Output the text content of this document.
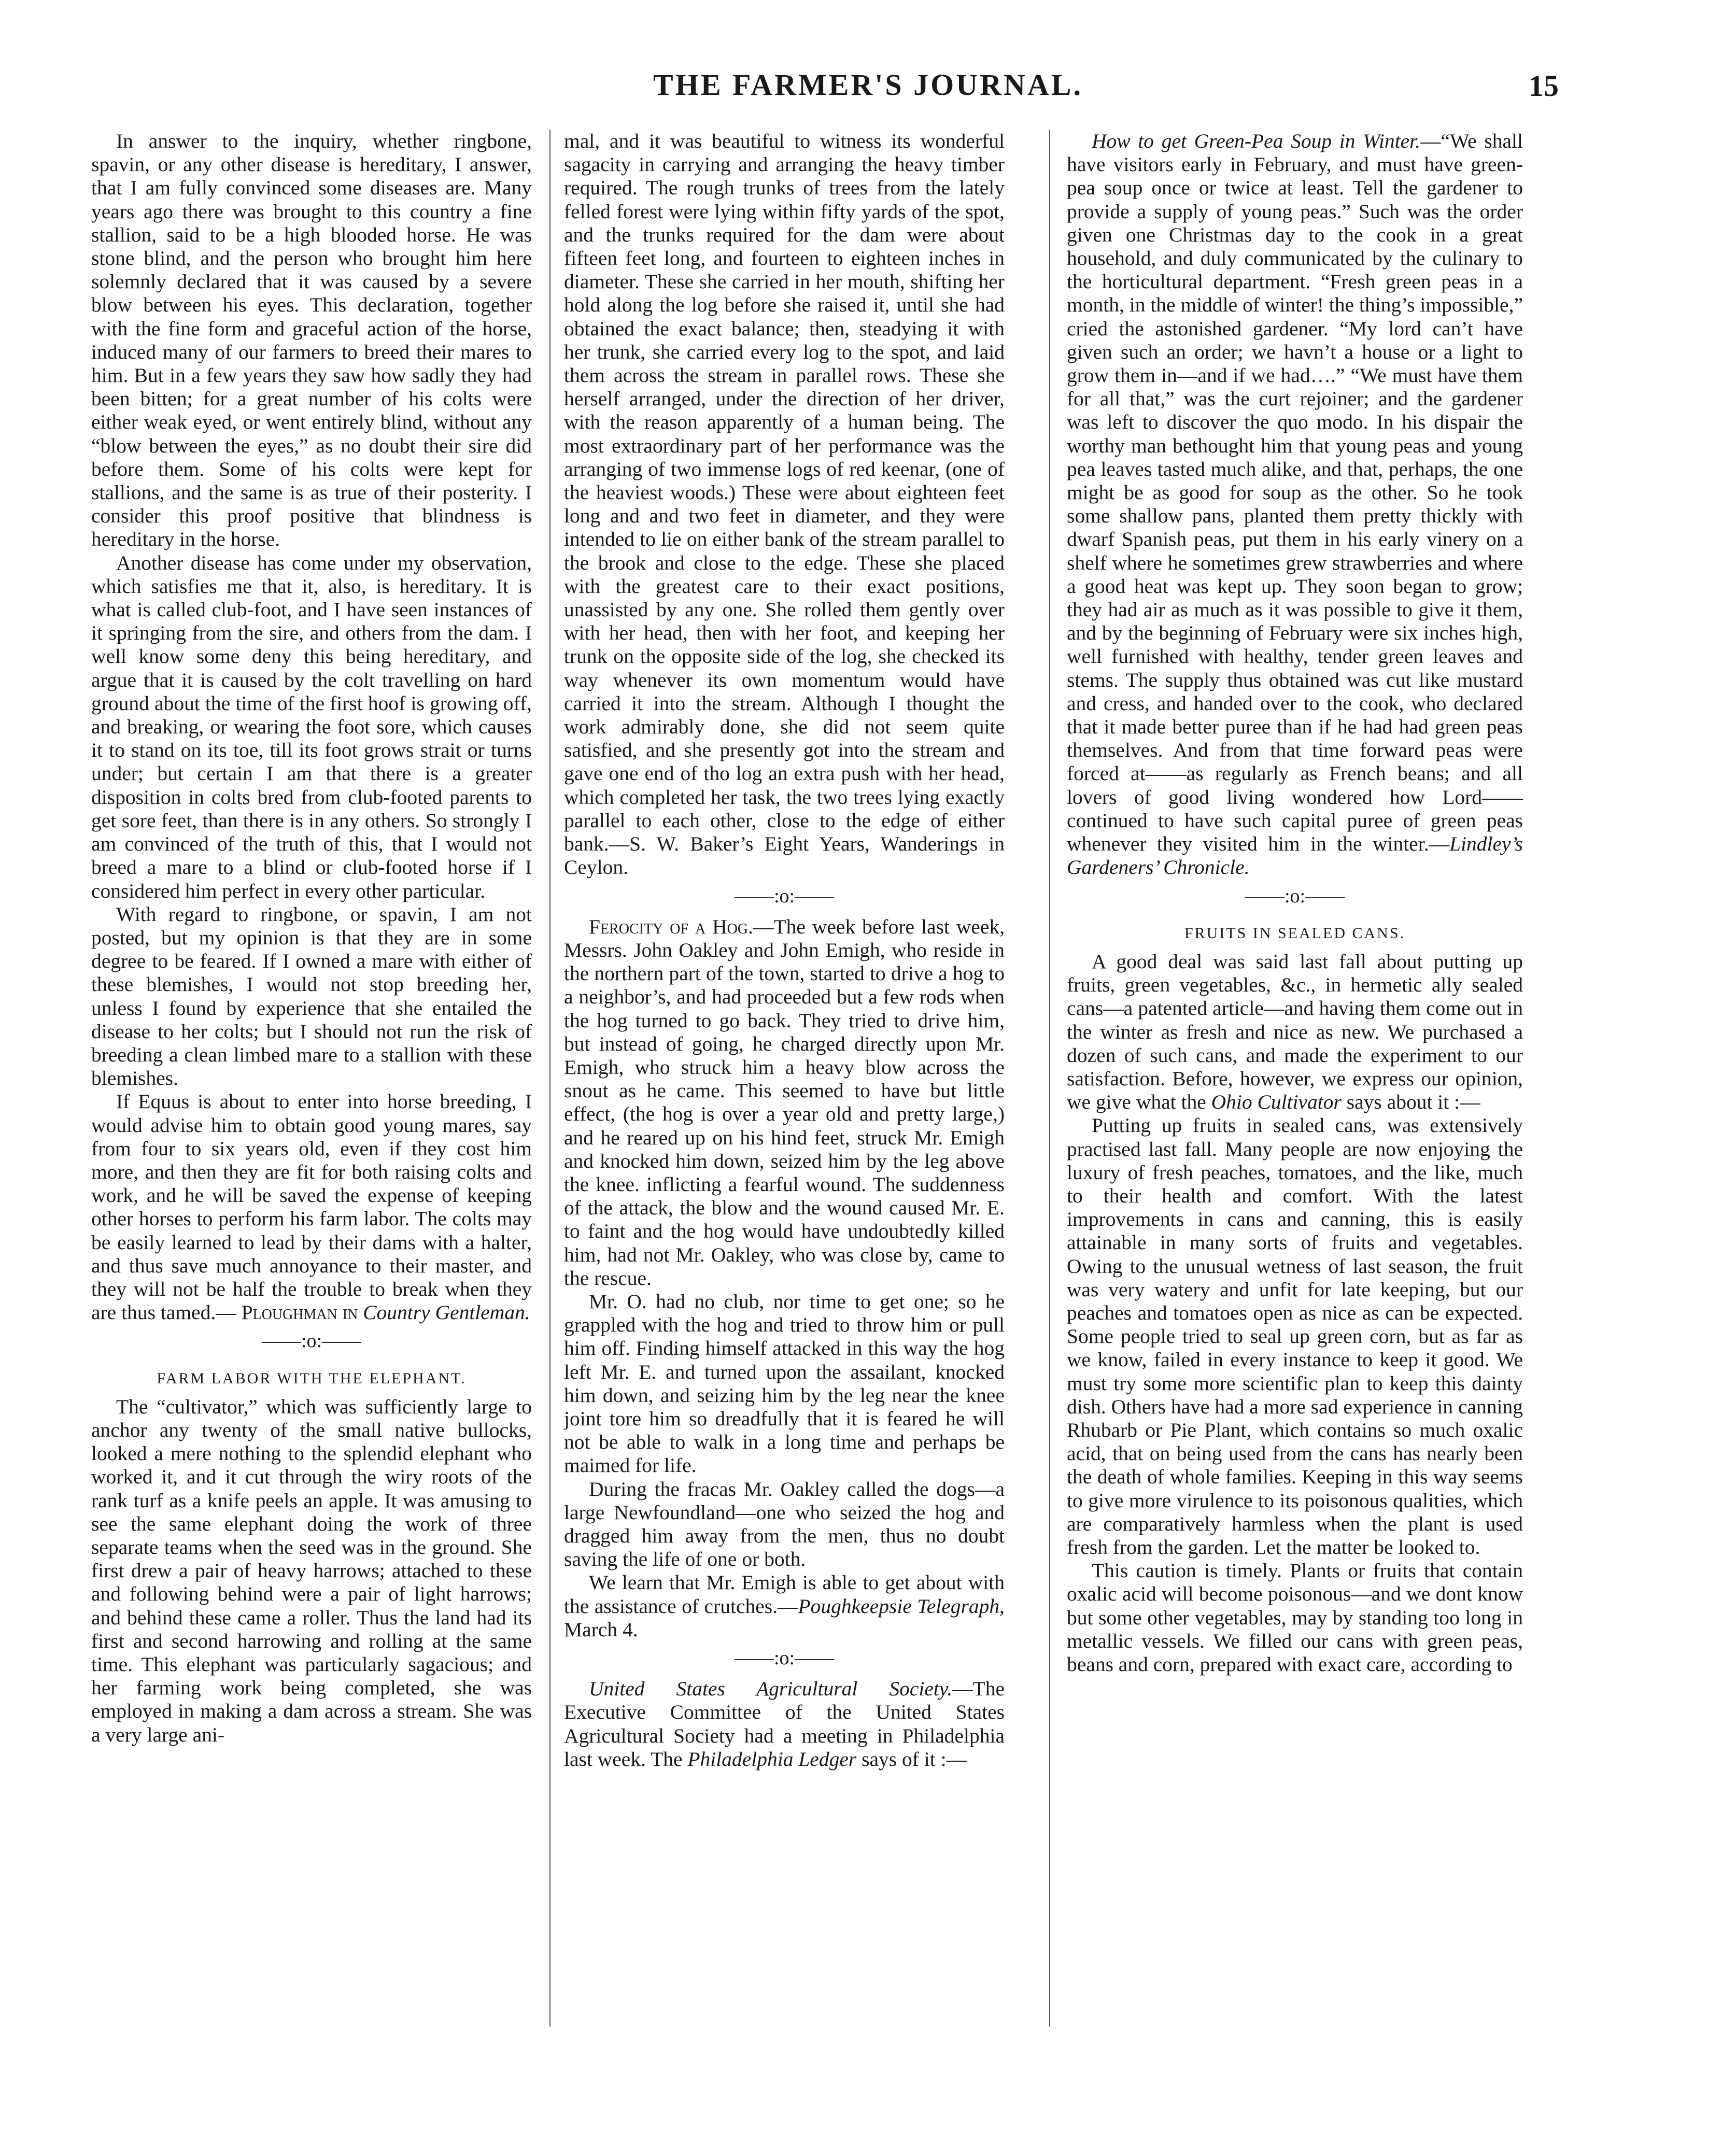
THE FARMER'S JOURNAL.	15

In answer to the inquiry, whether ringbone, spavin, or any other disease is hereditary, I answer, that I am fully convinced some diseases are. Many years ago there was brought to this country a fine stallion, said to be a high blooded horse. He was stone blind, and the person who brought him here solemnly declared that it was caused by a severe blow between his eyes. This declaration, together with the fine form and graceful action of the horse, induced many of our farmers to breed their mares to him. But in a few years they saw how sadly they had been bitten; for a great number of his colts were either weak eyed, or went entirely blind, without any “blow between the eyes,” as no doubt their sire did before them. Some of his colts were kept for stallions, and the same is as true of their posterity. I consider this proof positive that blindness is hereditary in the horse.

Another disease has come under my observation, which satisfies me that it, also, is hereditary. It is what is called club-foot, and I have seen instances of it springing from the sire, and others from the dam. I well know some deny this being hereditary, and argue that it is caused by the colt travelling on hard ground about the time of the first hoof is growing off, and breaking, or wearing the foot sore, which causes it to stand on its toe, till its foot grows strait or turns under; but certain I am that there is a greater disposition in colts bred from club-footed parents to get sore feet, than there is in any others. So strongly I am convinced of the truth of this, that I would not breed a mare to a blind or club-footed horse if I considered him perfect in every other particular.

With regard to ringbone, or spavin, I am not posted, but my opinion is that they are in some degree to be feared. If I owned a mare with either of these blemishes, I would not stop breeding her, unless I found by experience that she entailed the disease to her colts; but I should not run the risk of breeding a clean limbed mare to a stallion with these blemishes.

If Equus is about to enter into horse breeding, I would advise him to obtain good young mares, say from four to six years old, even if they cost him more, and then they are fit for both raising colts and work, and he will be saved the expense of keeping other horses to perform his farm labor. The colts may be easily learned to lead by their dams with a halter, and thus save much annoyance to their master, and they will not be half the trouble to break when they are thus tamed.— Ploughman in Country Gentleman.

——:o:——
FARM LABOR WITH THE ELEPHANT.

The “cultivator,” which was sufficiently large to anchor any twenty of the small native bullocks, looked a mere nothing to the splendid elephant who worked it, and it cut through the wiry roots of the rank turf as a knife peels an apple. It was amusing to see the same elephant doing the work of three separate teams when the seed was in the ground. She first drew a pair of heavy harrows; attached to these and following behind were a pair of light harrows; and behind these came a roller. Thus the land had its first and second harrowing and rolling at the same time. This elephant was particularly sagacious; and her farming work being completed, she was employed in making a dam across a stream. She was a very large ani-

mal, and it was beautiful to witness its wonderful sagacity in carrying and arranging the heavy timber required. The rough trunks of trees from the lately felled forest were lying within fifty yards of the spot, and the trunks required for the dam were about fifteen feet long, and fourteen to eighteen inches in diameter. These she carried in her mouth, shifting her hold along the log before she raised it, until she had obtained the exact balance; then, steadying it with her trunk, she carried every log to the spot, and laid them across the stream in parallel rows. These she herself arranged, under the direction of her driver, with the reason apparently of a human being. The most extraordinary part of her performance was the arranging of two immense logs of red keenar, (one of the heaviest woods.) These were about eighteen feet long and and two feet in diameter, and they were intended to lie on either bank of the stream parallel to the brook and close to the edge. These she placed with the greatest care to their exact positions, unassisted by any one. She rolled them gently over with her head, then with her foot, and keeping her trunk on the opposite side of the log, she checked its way whenever its own momentum would have carried it into the stream. Although I thought the work admirably done, she did not seem quite satisfied, and she presently got into the stream and gave one end of tho log an extra push with her head, which completed her task, the two trees lying exactly parallel to each other, close to the edge of either bank.—S. W. Baker’s Eight Years, Wanderings in Ceylon.

——:o:——

Ferocity of a Hog.—The week before last week, Messrs. John Oakley and John Emigh, who reside in the northern part of the town, started to drive a hog to a neighbor’s, and had proceeded but a few rods when the hog turned to go back. They tried to drive him, but instead of going, he charged directly upon Mr. Emigh, who struck him a heavy blow across the snout as he came. This seemed to have but little effect, (the hog is over a year old and pretty large,) and he reared up on his hind feet, struck Mr. Emigh and knocked him down, seized him by the leg above the knee. inflicting a fearful wound. The suddenness of the attack, the blow and the wound caused Mr. E. to faint and the hog would have undoubtedly killed him, had not Mr. Oakley, who was close by, came to the rescue.

Mr. O. had no club, nor time to get one; so he grappled with the hog and tried to throw him or pull him off. Finding himself attacked in this way the hog left Mr. E. and turned upon the assailant, knocked him down, and seizing him by the leg near the knee joint tore him so dreadfully that it is feared he will not be able to walk in a long time and perhaps be maimed for life.

During the fracas Mr. Oakley called the dogs—a large Newfoundland—one who seized the hog and dragged him away from the men, thus no doubt saving the life of one or both.

We learn that Mr. Emigh is able to get about with the assistance of crutches.—Poughkeepsie Telegraph, March 4.

——:o:——

United States Agricultural Society.—The Executive Committee of the United States Agricultural Society had a meeting in Philadelphia last week. The Philadelphia Ledger says of it :—

How to get Green-Pea Soup in Winter.—“We shall have visitors early in February, and must have green-pea soup once or twice at least. Tell the gardener to provide a supply of young peas.” Such was the order given one Christmas day to the cook in a great household, and duly communicated by the culinary to the horticultural department. “Fresh green peas in a month, in the middle of winter! the thing’s impossible,” cried the astonished gardener. “My lord can’t have given such an order; we havn’t a house or a light to grow them in—and if we had….” “We must have them for all that,” was the curt rejoiner; and the gardener was left to discover the quo modo. In his dispair the worthy man bethought him that young peas and young pea leaves tasted much alike, and that, perhaps, the one might be as good for soup as the other. So he took some shallow pans, planted them pretty thickly with dwarf Spanish peas, put them in his early vinery on a shelf where he sometimes grew strawberries and where a good heat was kept up. They soon began to grow; they had air as much as it was possible to give it them, and by the beginning of February were six inches high, well furnished with healthy, tender green leaves and stems. The supply thus obtained was cut like mustard and cress, and handed over to the cook, who declared that it made better puree than if he had had green peas themselves. And from that time forward peas were forced at——as regularly as French beans; and all lovers of good living wondered how Lord—— continued to have such capital puree of green peas whenever they visited him in the winter.—Lindley’s Gardeners’ Chronicle.

——:o:——
FRUITS IN SEALED CANS.

A good deal was said last fall about putting up fruits, green vegetables, &c., in hermetic ally sealed cans—a patented article—and having them come out in the winter as fresh and nice as new. We purchased a dozen of such cans, and made the experiment to our satisfaction. Before, however, we express our opinion, we give what the Ohio Cultivator says about it :—

Putting up fruits in sealed cans, was extensively practised last fall. Many people are now enjoying the luxury of fresh peaches, tomatoes, and the like, much to their health and comfort. With the latest improvements in cans and canning, this is easily attainable in many sorts of fruits and vegetables. Owing to the unusual wetness of last season, the fruit was very watery and unfit for late keeping, but our peaches and tomatoes open as nice as can be expected. Some people tried to seal up green corn, but as far as we know, failed in every instance to keep it good. We must try some more scientific plan to keep this dainty dish. Others have had a more sad experience in canning Rhubarb or Pie Plant, which contains so much oxalic acid, that on being used from the cans has nearly been the death of whole families. Keeping in this way seems to give more virulence to its poisonous qualities, which are comparatively harmless when the plant is used fresh from the garden. Let the matter be looked to.

This caution is timely. Plants or fruits that contain oxalic acid will become poisonous—and we dont know but some other vegetables, may by standing too long in metallic vessels. We filled our cans with green peas, beans and corn, prepared with exact care, according to
